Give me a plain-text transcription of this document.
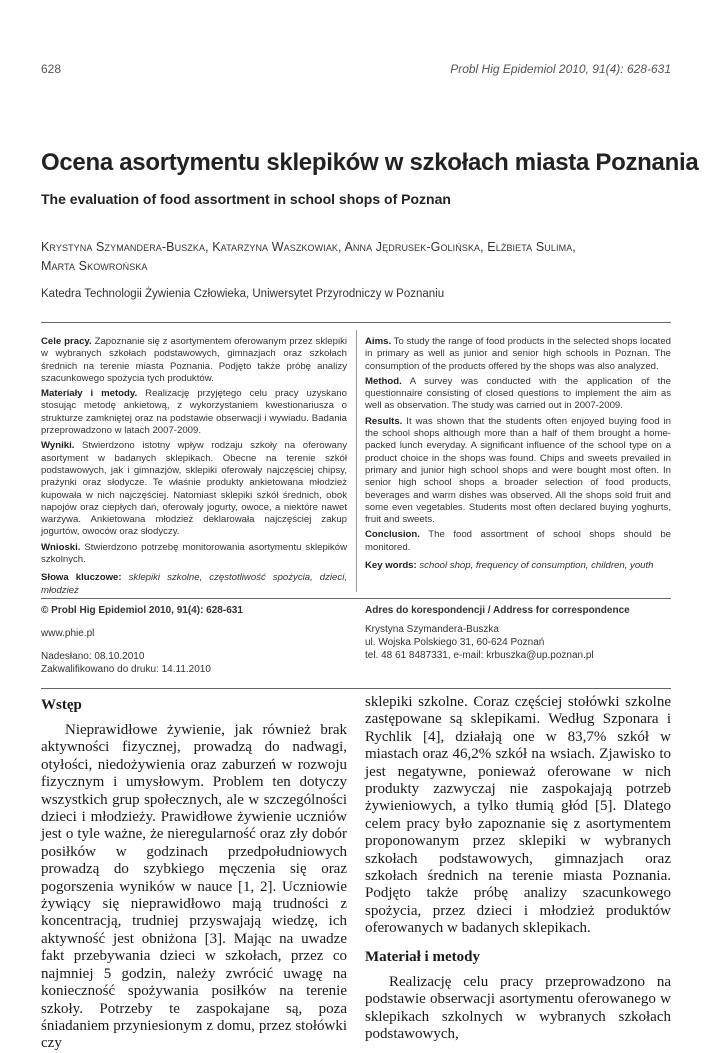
628	Probl Hig Epidemiol 2010, 91(4): 628-631
Ocena asortymentu sklepików w szkołach miasta Poznania
The evaluation of food assortment in school shops of Poznan
Krystyna Szymandera-Buszka, Katarzyna Waszkowiak, Anna Jędrusek-Golińska, Elżbieta Sulima,
Marta Skowrońska
Katedra Technologii Żywienia Człowieka, Uniwersytet Przyrodniczy w Poznaniu

Cele pracy. Zapoznanie się z asortymentem oferowanym przez sklepiki w wybranych szkołach podstawowych, gimnazjach oraz szkołach średnich na terenie miasta Poznania. Podjęto także próbę analizy szacunkowego spożycia tych produktów.

Materiały i metody. Realizację przyjętego celu pracy uzyskano stosując metodę ankietową, z wykorzystaniem kwestionariusza o strukturze zamkniętej oraz na podstawie obserwacji i wywiadu. Badania przeprowadzono w latach 2007-2009.

Wyniki. Stwierdzono istotny wpływ rodzaju szkoły na oferowany asortyment w badanych sklepikach. Obecne na terenie szkół podstawowych, jak i gimnazjów, sklepiki oferowały najczęściej chipsy, prażynki oraz słodycze. Te właśnie produkty ankietowana młodzież kupowała w nich najczęściej. Natomiast sklepiki szkół średnich, obok napojów oraz ciepłych dań, oferowały jogurty, owoce, a niektóre nawet warzywa. Ankietowana młodzież deklarowała najczęściej zakup jogurtów, owoców oraz słodyczy.

Wnioski. Stwierdzono potrzebę monitorowania asortymentu sklepików szkolnych.

Słowa kluczowe: sklepiki szkolne, częstotliwość spożycia, dzieci, młodzież

Aims. To study the range of food products in the selected shops located in primary as well as junior and senior high schools in Poznan. The consumption of the products offered by the shops was also analyzed.

Method. A survey was conducted with the application of the questionnaire consisting of closed questions to implement the aim as well as observation. The study was carried out in 2007-2009.

Results. It was shown that the students often enjoyed buying food in the school shops although more than a half of them brought a home-packed lunch everyday. A significant influence of the school type on a product choice in the shops was found. Chips and sweets prevailed in primary and junior high school shops and were bought most often. In senior high school shops a broader selection of food products, beverages and warm dishes was observed. All the shops sold fruit and some even vegetables. Students most often declared buying yoghurts, fruit and sweets.

Conclusion. The food assortment of school shops should be monitored.

Key words: school shop, frequency of consumption, children, youth

© Probl Hig Epidemiol 2010, 91(4): 628-631
www.phie.pl
Nadesłano: 08.10.2010
Zakwalifikowano do druku: 14.11.2010
Adres do korespondencji / Address for correspondence
Krystyna Szymandera-Buszka
ul. Wojska Polskiego 31, 60-624 Poznań
tel. 48 61 8487331, e-mail: krbuszka@up.poznan.pl
Wstęp

Nieprawidłowe żywienie, jak również brak aktywności fizycznej, prowadzą do nadwagi, otyłości, niedożywienia oraz zaburzeń w rozwoju fizycznym i umysłowym. Problem ten dotyczy wszystkich grup społecznych, ale w szczególności dzieci i młodzieży. Prawidłowe żywienie uczniów jest o tyle ważne, że nieregularność oraz zły dobór posiłków w godzinach przedpołudniowych prowadzą do szybkiego męczenia się oraz pogorszenia wyników w nauce [1, 2]. Uczniowie żywiący się nieprawidłowo mają trudności z koncentracją, trudniej przyswajają wiedzę, ich aktywność jest obniżona [3]. Mając na uwadze fakt przebywania dzieci w szkołach, przez co najmniej 5 godzin, należy zwrócić uwagę na konieczność spożywania posiłków na terenie szkoły. Potrzeby te zaspokajane są, poza śniadaniem przyniesionym z domu, przez stołówki czy

sklepiki szkolne. Coraz częściej stołówki szkolne zastępowane są sklepikami. Według Szponara i Rychlik [4], działają one w 83,7% szkół w miastach oraz 46,2% szkół na wsiach. Zjawisko to jest negatywne, ponieważ oferowane w nich produkty zazwyczaj nie zaspokajają potrzeb żywieniowych, a tylko tłumią głód [5]. Dlatego celem pracy było zapoznanie się z asortymentem proponowanym przez sklepiki w wybranych szkołach podstawowych, gimnazjach oraz szkołach średnich na terenie miasta Poznania. Podjęto także próbę analizy szacunkowego spożycia, przez dzieci i młodzież produktów oferowanych w badanych sklepikach.

Materiał i metody

Realizację celu pracy przeprowadzono na podstawie obserwacji asortymentu oferowanego w sklepikach szkolnych w wybranych szkołach podstawowych,
